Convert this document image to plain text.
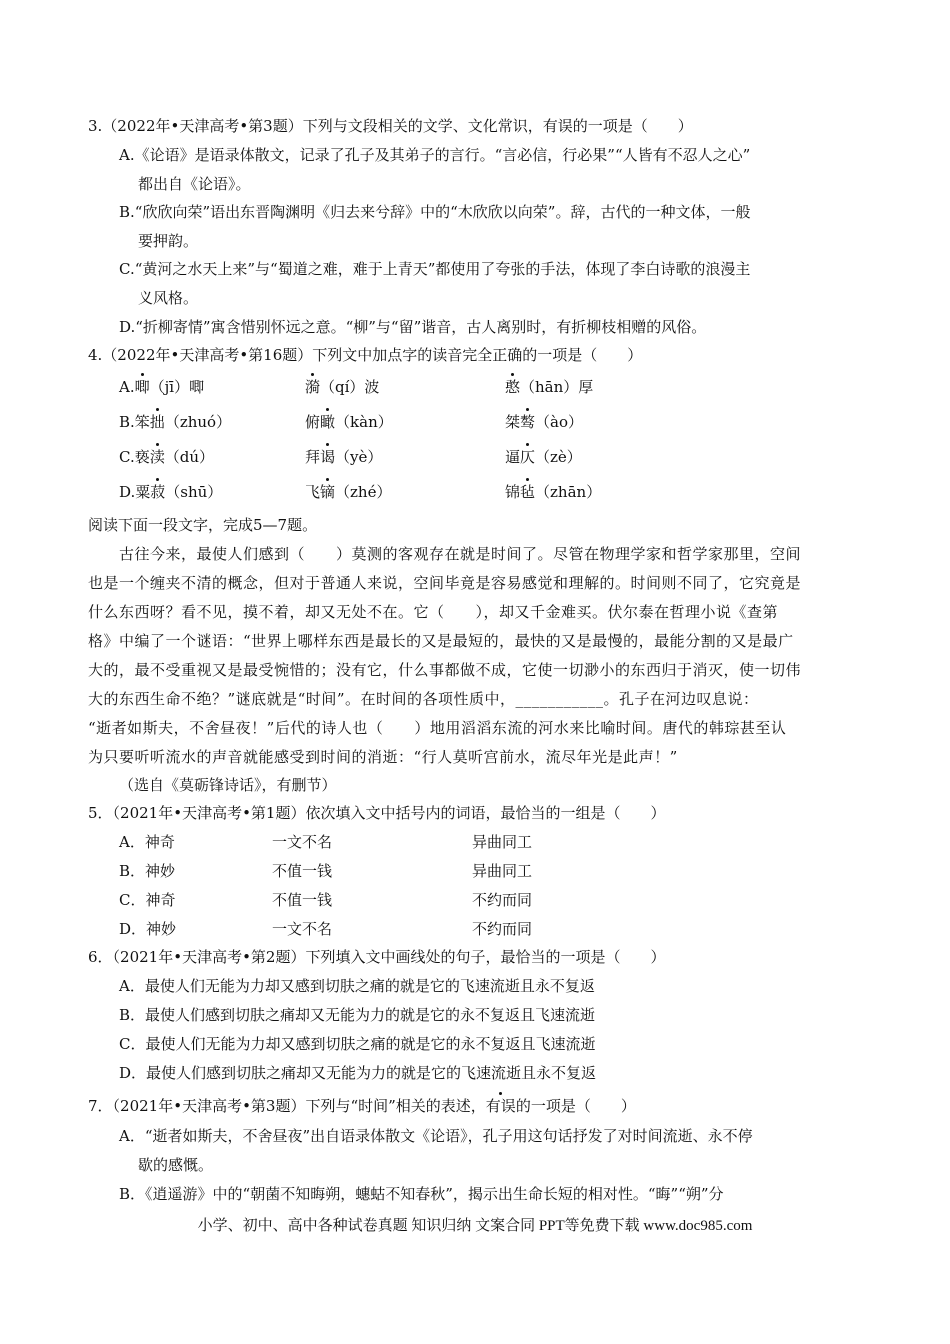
3.（2022年•天津高考•第3题）下列与文段相关的文学、文化常识，有误的一项是（　　）
A.《论语》是语录体散文，记录了孔子及其弟子的言行。“言必信，行必果”“人皆有不忍人之心”
都出自《论语》。
B.“欣欣向荣”语出东晋陶渊明《归去来兮辞》中的“木欣欣以向荣”。辞，古代的一种文体，一般
要押韵。
C.“黄河之水天上来”与“蜀道之难，难于上青天”都使用了夸张的手法，体现了李白诗歌的浪漫主
义风格。
D.“折柳寄情”寓含惜别怀远之意。“柳”与“留”谐音，古人离别时，有折柳枝相赠的风俗。
4.（2022年•天津高考•第16题）下列文中加点字的读音完全正确的一项是（　　）
A.唧（jī）唧	漪（qí）波	憨（hān）厚
B.笨拙（zhuó）	俯瞰（kàn）	桀骜（ào）
C.亵渎（dú）	拜谒（yè）	逼仄（zè）
D.粟菽（shū）	飞镝（zhé）	锦毡（zhān）
阅读下面一段文字，完成5—7题。
　　古往今来，最使人们感到（　　）莫测的客观存在就是时间了。尽管在物理学家和哲学家那里，空间
也是一个缠夹不清的概念，但对于普通人来说，空间毕竟是容易感觉和理解的。时间则不同了，它究竟是
什么东西呀？看不见，摸不着，却又无处不在。它（　　），却又千金难买。伏尔泰在哲理小说《查第
格》中编了一个谜语：“世界上哪样东西是最长的又是最短的，最快的又是最慢的，最能分割的又是最广
大的，最不受重视又是最受惋惜的；没有它，什么事都做不成，它使一切渺小的东西归于消灭，使一切伟
大的东西生命不绝？”谜底就是“时间”。在时间的各项性质中，___________。孔子在河边叹息说：
“逝者如斯夫，不舍昼夜！”后代的诗人也（　　）地用滔滔东流的河水来比喻时间。唐代的韩琮甚至认
为只要听听流水的声音就能感受到时间的消逝：“行人莫听宫前水，流尽年光是此声！”
（选自《莫砺锋诗话》，有删节）
5．（2021年•天津高考•第1题）依次填入文中括号内的词语，最恰当的一组是（　　）
A．神奇	一文不名	异曲同工
B．神妙	不值一钱	异曲同工
C．神奇	不值一钱	不约而同
D．神妙	一文不名	不约而同
6．（2021年•天津高考•第2题）下列填入文中画线处的句子，最恰当的一项是（　　）
A．最使人们无能为力却又感到切肤之痛的就是它的飞速流逝且永不复返
B．最使人们感到切肤之痛却又无能为力的就是它的永不复返且飞速流逝
C．最使人们无能为力却又感到切肤之痛的就是它的永不复返且飞速流逝
D．最使人们感到切肤之痛却又无能为力的就是它的飞速流逝且永不复返
7．（2021年•天津高考•第3题）下列与“时间”相关的表述，有误的一项是（　　）
A．“逝者如斯夫，不舍昼夜”出自语录体散文《论语》，孔子用这句话抒发了对时间流逝、永不停
歇的感慨。
B．《逍遥游》中的“朝菌不知晦朔，蟪蛄不知春秋”，揭示出生命长短的相对性。“晦”“朔”分
小学、初中、高中各种试卷真题 知识归纳 文案合同 PPT等免费下载 www.doc985.com
